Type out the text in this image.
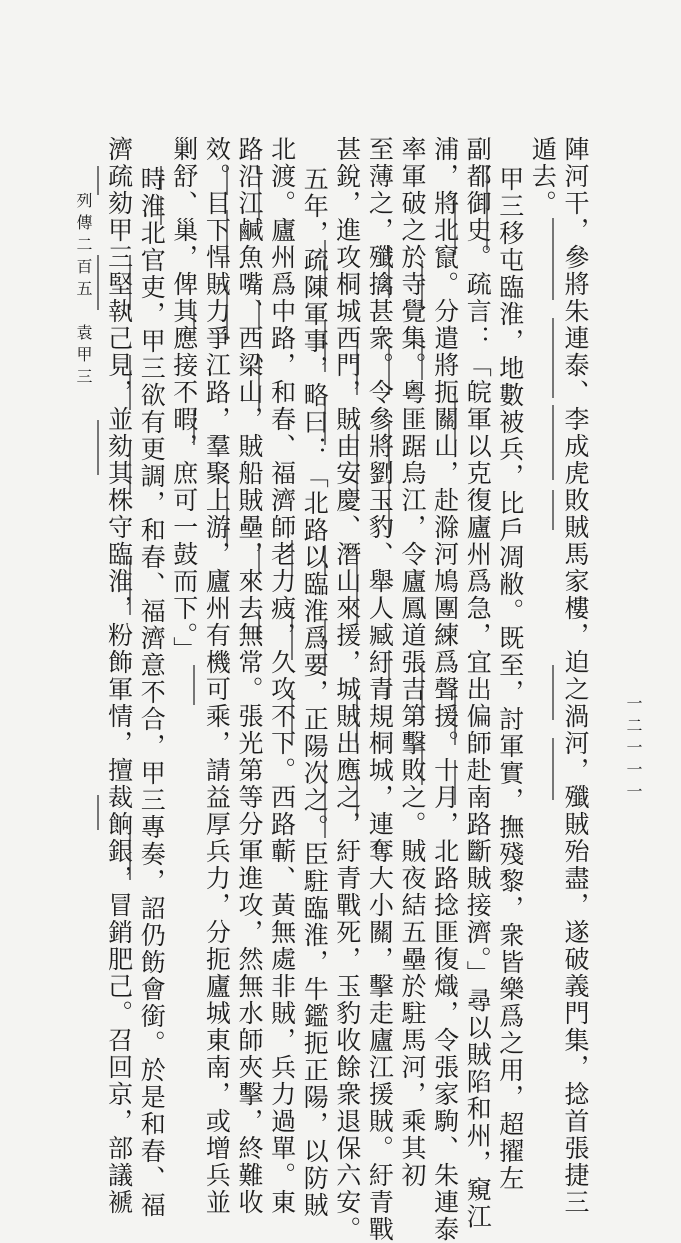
陣河干，參將朱連泰、李成虎敗賊馬家樓，迫之渦河，殲賊殆盡，遂破義門集，捻首張捷三
遁去。
甲三移屯臨淮，地數被兵，比戶凋敝。既至，討軍實，撫殘黎，衆皆樂爲之用，超擢左
副都御史。疏言：「皖軍以克復廬州爲急，宜出偏師赴南路斷賊接濟。」尋以賊陷和州，窺江
浦，將北竄。分遣將扼關山，赴滁河鳩團練爲聲援。十月，北路捻匪復熾，令張家駒、朱連泰
率軍破之於寺覺集。粵匪踞烏江，令廬鳳道張吉第擊敗之。賊夜結五壘於駐馬河，乘其初
至薄之，殲擒甚衆。令參將劉玉豹、舉人臧紆青規桐城，連奪大小關，擊走廬江援賊。紆青戰
甚銳，進攻桐城西門，賊由安慶、潛山來援，城賊出應之，紆青戰死，玉豹收餘衆退保六安。
五年，疏陳軍事，略曰：「北路以臨淮爲要，正陽次之。臣駐臨淮，牛鑑扼正陽，以防賊
北渡。廬州爲中路，和春、福濟師老力疲，久攻不下。西路蘄、黃無處非賊，兵力過單。東
路沿江鹹魚嘴、西梁山，賊船賊壘，來去無常。張光第等分軍進攻，然無水師夾擊，終難收
效。目下悍賊力爭江路，羣聚上游，廬州有機可乘，請益厚兵力，分扼廬城東南，或增兵並
剿舒、巢，俾其應接不暇，庶可一鼓而下。」
時淮北官吏，甲三欲有更調，和春、福濟意不合，甲三專奏，詔仍飭會銜。於是和春、福
濟疏劾甲三堅執己見，並劾其株守臨淮，粉飾軍情，擅裁餉銀，冒銷肥己。召回京，部議褫
列傳二百五　袁甲三
一二一一一
